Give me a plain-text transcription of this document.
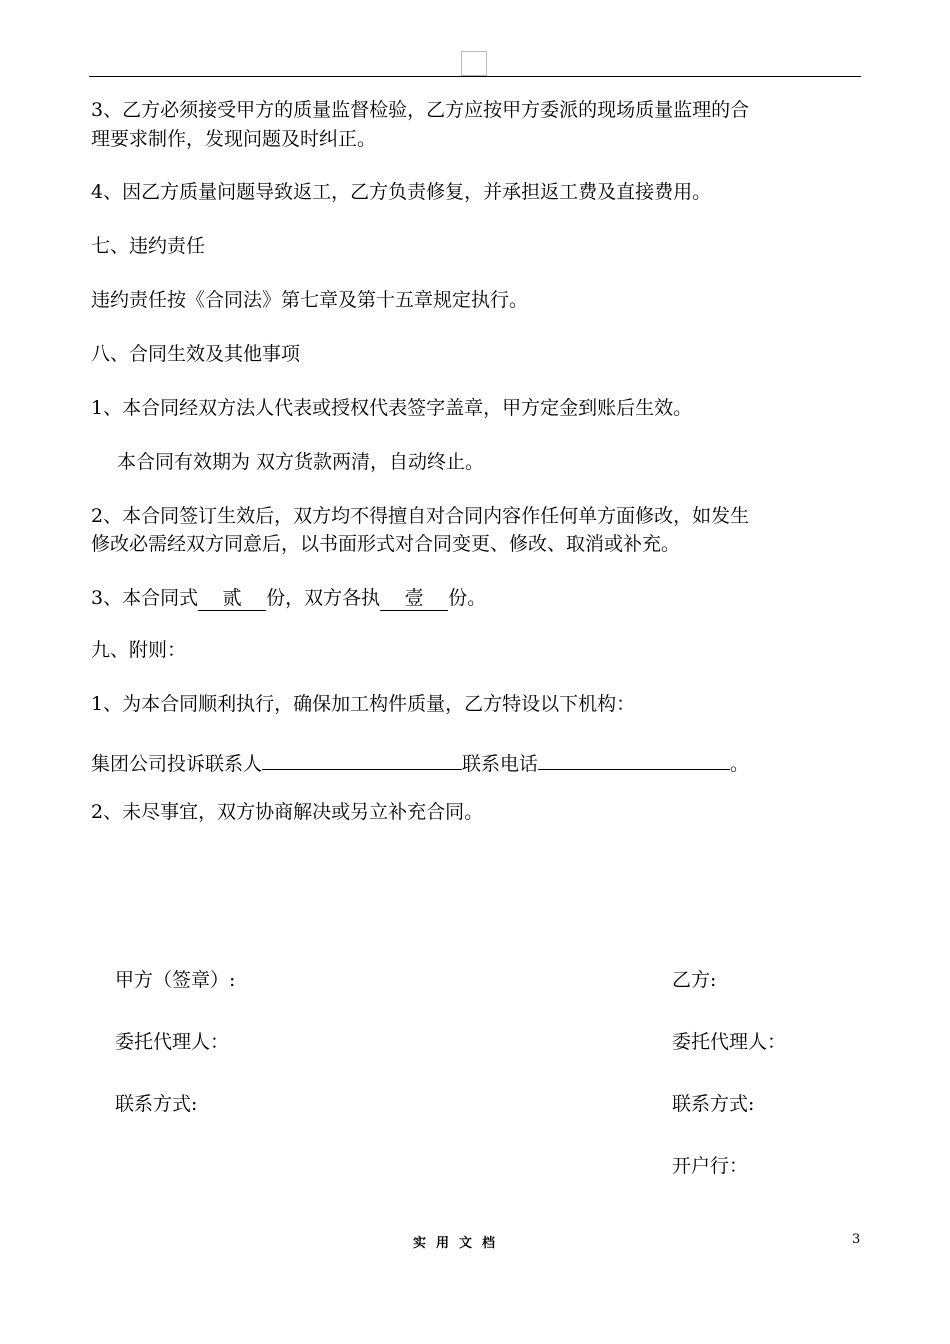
3、乙方必须接受甲方的质量监督检验，乙方应按甲方委派的现场质量监理的合
理要求制作，发现问题及时纠正。
4、因乙方质量问题导致返工，乙方负责修复，并承担返工费及直接费用。
七、违约责任
违约责任按《合同法》第七章及第十五章规定执行。
八、合同生效及其他事项
1、本合同经双方法人代表或授权代表签字盖章，甲方定金到账后生效。
本合同有效期为 双方货款两清，自动终止。
2、本合同签订生效后，双方均不得擅自对合同内容作任何单方面修改，如发生
修改必需经双方同意后，以书面形式对合同变更、修改、取消或补充。
3、本合同式 贰 份，双方各执 壹 份。
九、附则：
1、为本合同顺利执行，确保加工构件质量，乙方特设以下机构：
集团公司投诉联系人	联系电话	。
2、未尽事宜，双方协商解决或另立补充合同。
甲方（签章）:
委托代理人：
联系方式:
乙方:
委托代理人：
联系方式:
开户行：
实用文档	3
